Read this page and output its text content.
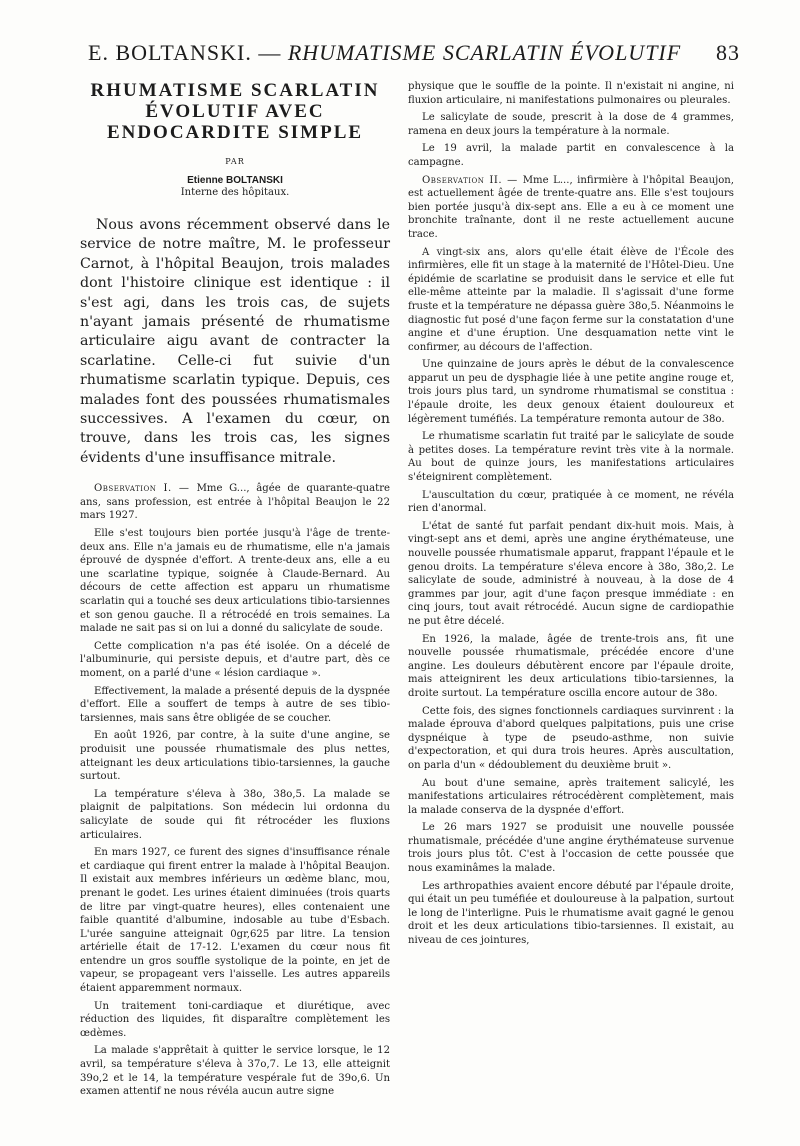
E. BOLTANSKI. — RHUMATISME SCARLATIN ÉVOLUTIF 83
RHUMATISME SCARLATIN
ÉVOLUTIF AVEC
ENDOCARDITE SIMPLE
PAR
Etienne BOLTANSKI
Interne des hôpitaux.

Nous avons récemment observé dans le service de notre maître, M. le professeur Carnot, à l'hôpital Beaujon, trois malades dont l'histoire clinique est identique : il s'est agi, dans les trois cas, de sujets n'ayant jamais présenté de rhumatisme articulaire aigu avant de contracter la scarlatine. Celle-ci fut suivie d'un rhumatisme scarlatin typique. Depuis, ces malades font des poussées rhumatismales successives. A l'examen du cœur, on trouve, dans les trois cas, les signes évidents d'une insuffisance mitrale.

Observation I. — Mme G..., âgée de quarante-quatre ans, sans profession, est entrée à l'hôpital Beaujon le 22 mars 1927.

Elle s'est toujours bien portée jusqu'à l'âge de trente-deux ans. Elle n'a jamais eu de rhumatisme, elle n'a jamais éprouvé de dyspnée d'effort. A trente-deux ans, elle a eu une scarlatine typique, soignée à Claude-Bernard. Au décours de cette affection est apparu un rhumatisme scarlatin qui a touché ses deux articulations tibio-tarsiennes et son genou gauche. Il a rétrocédé en trois semaines. La malade ne sait pas si on lui a donné du salicylate de soude.

Cette complication n'a pas été isolée. On a décelé de l'albuminurie, qui persiste depuis, et d'autre part, dès ce moment, on a parlé d'une « lésion cardiaque ».

Effectivement, la malade a présenté depuis de la dyspnée d'effort. Elle a souffert de temps à autre de ses tibio-tarsiennes, mais sans être obligée de se coucher.

En août 1926, par contre, à la suite d'une angine, se produisit une poussée rhumatismale des plus nettes, atteignant les deux articulations tibio-tarsiennes, la gauche surtout.

La température s'éleva à 38o, 38o,5. La malade se plaignit de palpitations. Son médecin lui ordonna du salicylate de soude qui fit rétrocéder les fluxions articulaires.

En mars 1927, ce furent des signes d'insuffisance rénale et cardiaque qui firent entrer la malade à l'hôpital Beaujon. Il existait aux membres inférieurs un œdème blanc, mou, prenant le godet. Les urines étaient diminuées (trois quarts de litre par vingt-quatre heures), elles contenaient une faible quantité d'albumine, indosable au tube d'Esbach. L'urée sanguine atteignait 0gr,625 par litre. La tension artérielle était de 17-12. L'examen du cœur nous fit entendre un gros souffle systolique de la pointe, en jet de vapeur, se propageant vers l'aisselle. Les autres appareils étaient apparemment normaux.

Un traitement toni-cardiaque et diurétique, avec réduction des liquides, fit disparaître complètement les œdèmes.

La malade s'apprêtait à quitter le service lorsque, le 12 avril, sa température s'éleva à 37o,7. Le 13, elle atteignit 39o,2 et le 14, la température vespérale fut de 39o,6. Un examen attentif ne nous révéla aucun autre signe

physique que le souffle de la pointe. Il n'existait ni angine, ni fluxion articulaire, ni manifestations pulmonaires ou pleurales.

Le salicylate de soude, prescrit à la dose de 4 grammes, ramena en deux jours la température à la normale.

Le 19 avril, la malade partit en convalescence à la campagne.

Observation II. — Mme L..., infirmière à l'hôpital Beaujon, est actuellement âgée de trente-quatre ans. Elle s'est toujours bien portée jusqu'à dix-sept ans. Elle a eu à ce moment une bronchite traînante, dont il ne reste actuellement aucune trace.

A vingt-six ans, alors qu'elle était élève de l'École des infirmières, elle fit un stage à la maternité de l'Hôtel-Dieu. Une épidémie de scarlatine se produisit dans le service et elle fut elle-même atteinte par la maladie. Il s'agissait d'une forme fruste et la température ne dépassa guère 38o,5. Néanmoins le diagnostic fut posé d'une façon ferme sur la constatation d'une angine et d'une éruption. Une desquamation nette vint le confirmer, au décours de l'affection.

Une quinzaine de jours après le début de la convalescence apparut un peu de dysphagie liée à une petite angine rouge et, trois jours plus tard, un syndrome rhumatismal se constitua : l'épaule droite, les deux genoux étaient douloureux et légèrement tuméfiés. La température remonta autour de 38o.

Le rhumatisme scarlatin fut traité par le salicylate de soude à petites doses. La température revint très vite à la normale. Au bout de quinze jours, les manifestations articulaires s'éteignirent complètement.

L'auscultation du cœur, pratiquée à ce moment, ne révéla rien d'anormal.

L'état de santé fut parfait pendant dix-huit mois. Mais, à vingt-sept ans et demi, après une angine érythémateuse, une nouvelle poussée rhumatismale apparut, frappant l'épaule et le genou droits. La température s'éleva encore à 38o, 38o,2. Le salicylate de soude, administré à nouveau, à la dose de 4 grammes par jour, agit d'une façon presque immédiate : en cinq jours, tout avait rétrocédé. Aucun signe de cardiopathie ne put être décelé.

En 1926, la malade, âgée de trente-trois ans, fit une nouvelle poussée rhumatismale, précédée encore d'une angine. Les douleurs débutèrent encore par l'épaule droite, mais atteignirent les deux articulations tibio-tarsiennes, la droite surtout. La température oscilla encore autour de 38o.

Cette fois, des signes fonctionnels cardiaques survinrent : la malade éprouva d'abord quelques palpitations, puis une crise dyspnéique à type de pseudo-asthme, non suivie d'expectoration, et qui dura trois heures. Après auscultation, on parla d'un « dédoublement du deuxième bruit ».

Au bout d'une semaine, après traitement salicylé, les manifestations articulaires rétrocédèrent complètement, mais la malade conserva de la dyspnée d'effort.

Le 26 mars 1927 se produisit une nouvelle poussée rhumatismale, précédée d'une angine érythémateuse survenue trois jours plus tôt. C'est à l'occasion de cette poussée que nous examinâmes la malade.

Les arthropathies avaient encore débuté par l'épaule droite, qui était un peu tuméfiée et douloureuse à la palpation, surtout le long de l'interligne. Puis le rhumatisme avait gagné le genou droit et les deux articulations tibio-tarsiennes. Il existait, au niveau de ces jointures,
